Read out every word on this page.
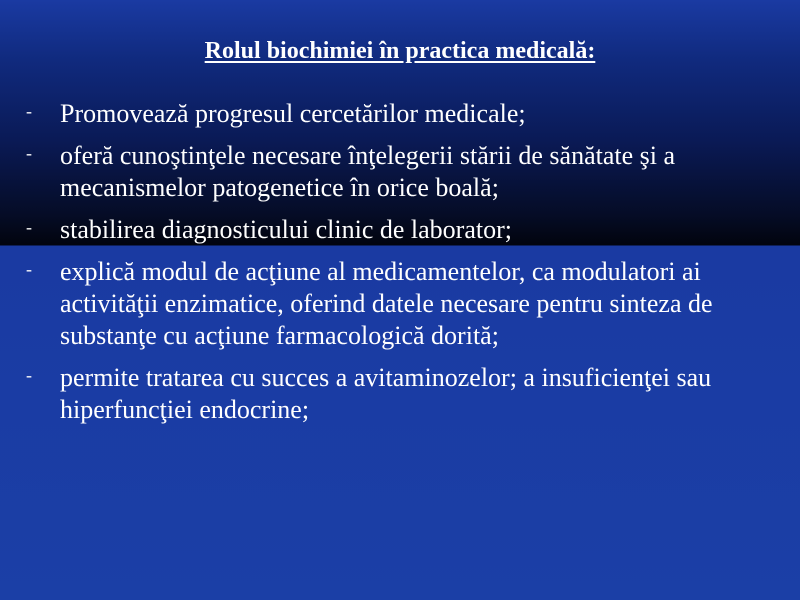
Rolul biochimiei în practica medicală:
- Promovează progresul cercetărilor medicale;
- oferă cunoştinţele necesare înţelegerii stării de sănătate şi a mecanismelor patogenetice în orice boală;
- stabilirea diagnosticului clinic de laborator;
- explică modul de acţiune al medicamentelor, ca modulatori ai activităţii enzimatice, oferind datele necesare pentru sinteza de substanţe cu acţiune farmacologică dorită;
- permite tratarea cu succes a avitaminozelor; a insuficienţei sau hiperfuncţiei endocrine;
